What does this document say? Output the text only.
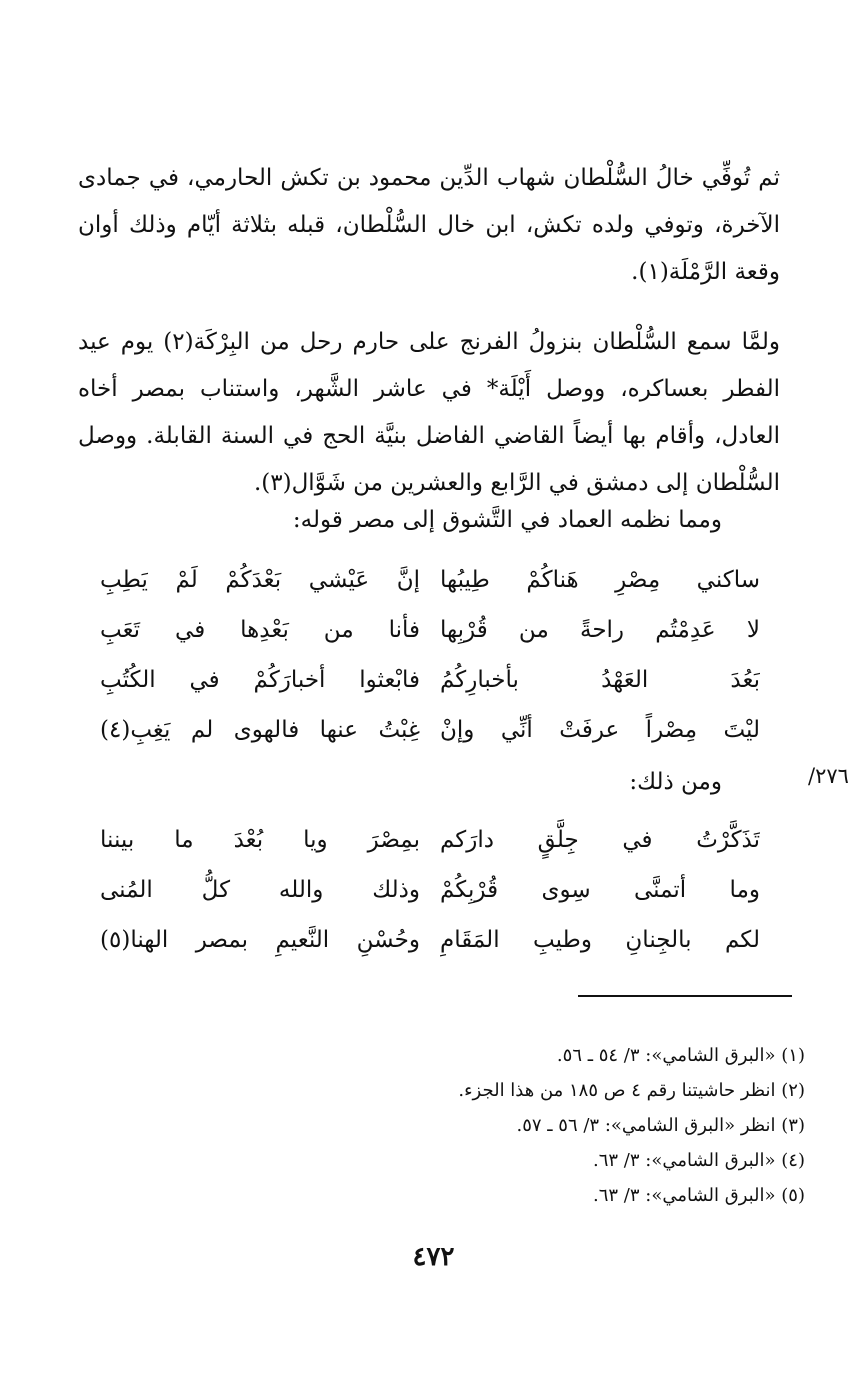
ثم تُوفِّي خالُ السُّلْطان شهاب الدِّين محمود بن تكش الحارمي، في جمادى الآخرة، وتوفي ولده تكش، ابن خال السُّلْطان، قبله بثلاثة أيّام وذلك أوان وقعة الرَّمْلَة(١).

ولمَّا سمع السُّلْطان بنزولُ الفرنج على حارم رحل من البِرْكَة(٢) يوم عيد الفطر بعساكره، ووصل أَيْلَة* في عاشر الشَّهر، واستناب بمصر أخاه العادل، وأقام بها أيضاً القاضي الفاضل بنيَّة الحج في السنة القابلة. ووصل السُّلْطان إلى دمشق في الرَّابع والعشرين من شَوَّال(٣).

ومما نظمه العماد في التَّشوق إلى مصر قوله:
ساكني مِصْرِ هَناكُمْ طِيبُها
إنَّ عَيْشي بَعْدَكُمْ لَمْ يَطِبِ
لا عَدِمْتُم راحةً من قُرْبِها
فأنا من بَعْدِها في تَعَبِ
بَعُدَ العَهْدُ بأخبارِكُمُ
فابْعثوا أخبارَكُمْ في الكُتُبِ
ليْتَ مِصْراً عرفَتْ أنِّي وإنْ
غِبْتُ عنها فالهوى لم يَغِبِ(٤)
٢٧٦/
ومن ذلك:
تَذَكَّرْتُ في جِلَّقٍ دارَكم
بمِصْرَ ويا بُعْدَ ما بيننا
وما أتمنَّى سِوى قُرْبِكُمْ
وذلك والله كلُّ المُنى
لكم بالجِنانِ وطيبِ المَقَامِ
وحُسْنِ النَّعيمِ بمصر الهنا(٥)
(١) «البرق الشامي»: ٣/ ٥٤ ـ ٥٦.
(٢) انظر حاشيتنا رقم ٤ ص ١٨٥ من هذا الجزء.
(٣) انظر «البرق الشامي»: ٣/ ٥٦ ـ ٥٧.
(٤) «البرق الشامي»: ٣/ ٦٣.
(٥) «البرق الشامي»: ٣/ ٦٣.
٤٧٢
